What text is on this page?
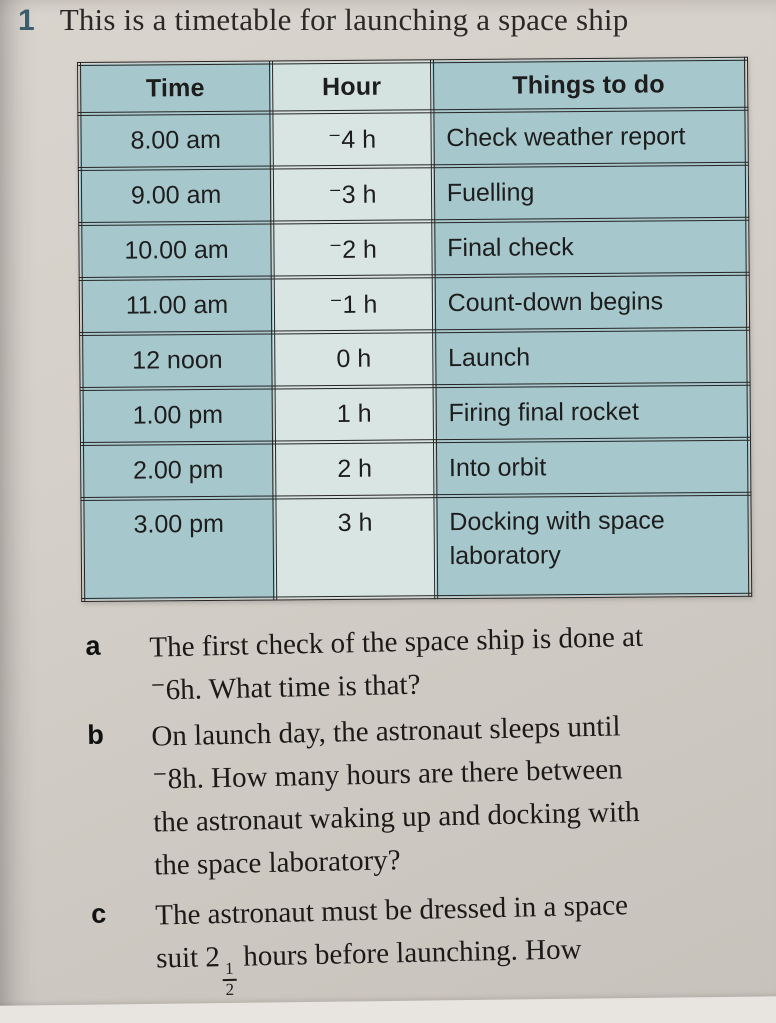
1 This is a timetable for launching a space ship
Time	Hour	Things to do
8.00 am	⁻4 h	Check weather report
9.00 am	⁻3 h	Fuelling
10.00 am	⁻2 h	Final check
11.00 am	⁻1 h	Count-down begins
12 noon	0 h	Launch
1.00 pm	1 h	Firing final rocket
2.00 pm	2 h	Into orbit
3.00 pm	3 h	Docking with space laboratory
a	The first check of the space ship is done at
⁻6h. What time is that?
b	On launch day, the astronaut sleeps until
⁻8h. How many hours are there between
the astronaut waking up and docking with
the space laboratory?
c	The astronaut must be dressed in a space
suit 2
$\frac{1}{2}$
hours before launching. How
